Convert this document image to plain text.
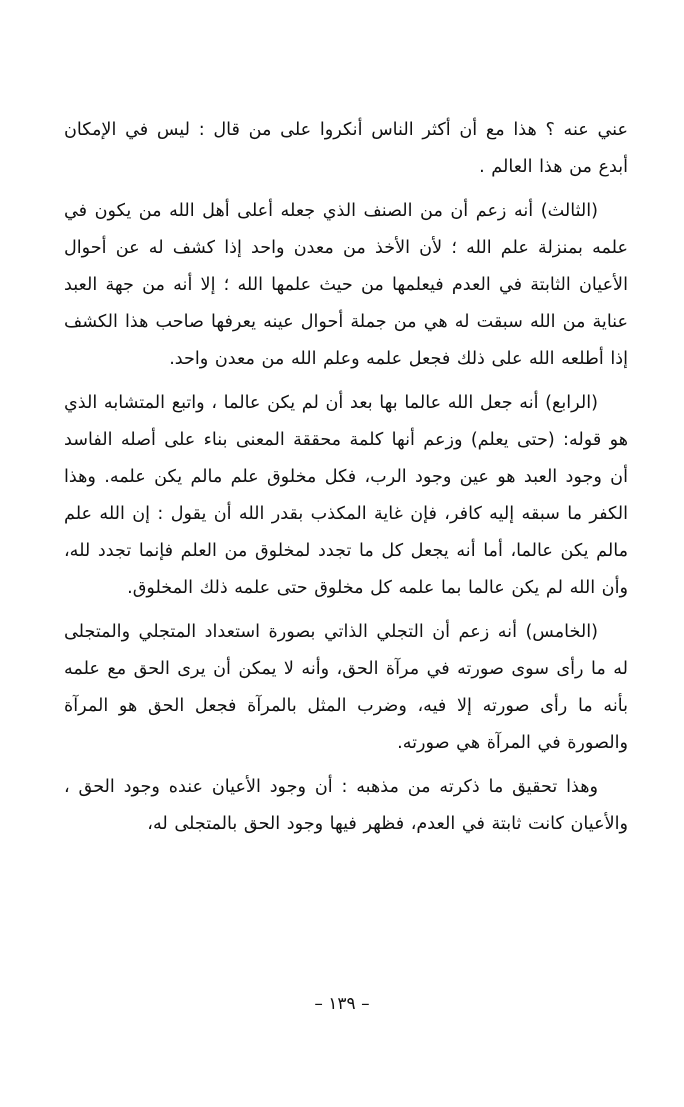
عني عنه ؟ هذا مع أن أكثر الناس أنكروا على من قال : ليس في الإمكان أبدع من هذا العالم .

(الثالث) أنه زعم أن من الصنف الذي جعله أعلى أهل الله من يكون في علمه بمنزلة علم الله ؛ لأن الأخذ من معدن واحد إذا كشف له عن أحوال الأعيان الثابتة في العدم فيعلمها من حيث علمها الله ؛ إلا أنه من جهة العبد عناية من الله سبقت له هي من جملة أحوال عينه يعرفها صاحب هذا الكشف إذا أطلعه الله على ذلك فجعل علمه وعلم الله من معدن واحد.

(الرابع) أنه جعل الله عالما بها بعد أن لم يكن عالما ، واتبع المتشابه الذي هو قوله: (حتى يعلم) وزعم أنها كلمة محققة المعنى بناء على أصله الفاسد أن وجود العبد هو عين وجود الرب، فكل مخلوق علم مالم يكن علمه. وهذا الكفر ما سبقه إليه كافر، فإن غاية المكذب بقدر الله أن يقول : إن الله علم مالم يكن عالما، أما أنه يجعل كل ما تجدد لمخلوق من العلم فإنما تجدد لله، وأن الله لم يكن عالما بما علمه كل مخلوق حتى علمه ذلك المخلوق.

(الخامس) أنه زعم أن التجلي الذاتي بصورة استعداد المتجلي والمتجلى له ما رأى سوى صورته في مرآة الحق، وأنه لا يمكن أن يرى الحق مع علمه بأنه ما رأى صورته إلا فيه، وضرب المثل بالمرآة فجعل الحق هو المرآة والصورة في المرآة هي صورته.

وهذا تحقيق ما ذكرته من مذهبه : أن وجود الأعيان عنده وجود الحق ، والأعيان كانت ثابتة في العدم، فظهر فيها وجود الحق بالمتجلى له،

– ١٣٩ –
